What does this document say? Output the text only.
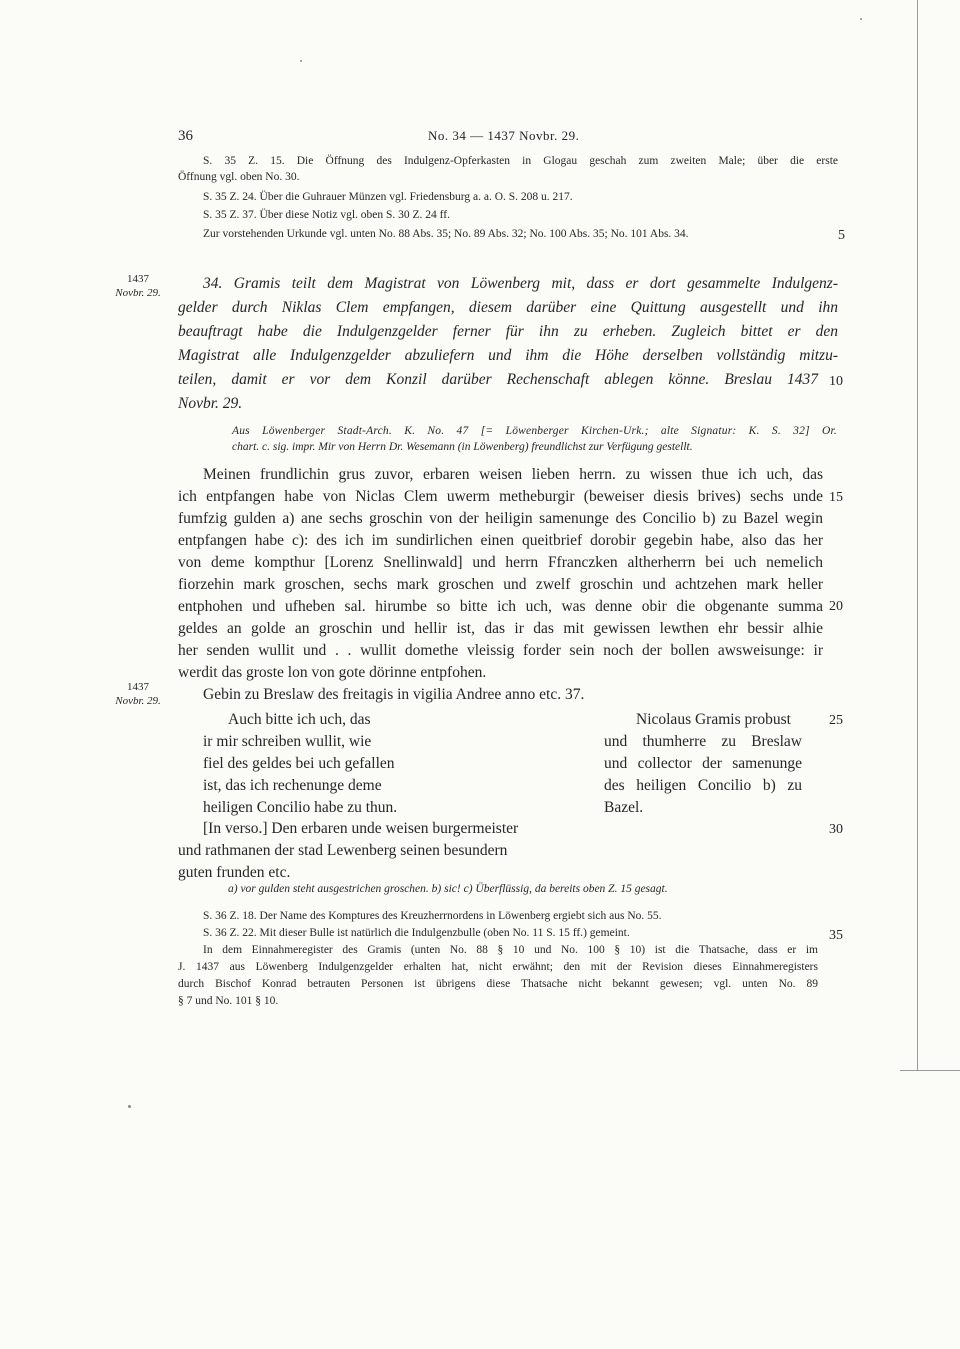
36	No. 34 — 1437 Novbr. 29.
S. 35 Z. 15. Die Öffnung des Indulgenz-Opferkasten in Glogau geschah zum zweiten Male; über die erste
Öffnung vgl. oben No. 30.
S. 35 Z. 24. Über die Guhrauer Münzen vgl. Friedensburg a. a. O. S. 208 u. 217.
S. 35 Z. 37. Über diese Notiz vgl. oben S. 30 Z. 24 ff.
Zur vorstehenden Urkunde vgl. unten No. 88 Abs. 35; No. 89 Abs. 32; No. 100 Abs. 35; No. 101 Abs. 34.	5
1437
Novbr. 29.
34. Gramis teilt dem Magistrat von Löwenberg mit, dass er dort gesammelte Indulgenz-
gelder durch Niklas Clem empfangen, diesem darüber eine Quittung ausgestellt und ihn
beauftragt habe die Indulgenzgelder ferner für ihn zu erheben. Zugleich bittet er den
Magistrat alle Indulgenzgelder abzuliefern und ihm die Höhe derselben vollständig mitzu-
teilen, damit er vor dem Konzil darüber Rechenschaft ablegen könne. Breslau 1437 10
Novbr. 29.
Aus Löwenberger Stadt-Arch. K. No. 47 [= Löwenberger Kirchen-Urk.; alte Signatur: K. S. 32] Or.
chart. c. sig. impr. Mir von Herrn Dr. Wesemann (in Löwenberg) freundlichst zur Verfügung gestellt.
Meinen frundlichin grus zuvor, erbaren weisen lieben herrn. zu wissen thue ich uch, das
ich entpfangen habe von Niclas Clem uwerm metheburgir (beweiser diesis brives) sechs unde 15
fumfzig gulden a) ane sechs groschin von der heiligin samenunge des Concilio b) zu Bazel wegin
entpfangen habe c): des ich im sundirlichen einen queitbrief dorobir gegebin habe, also das her
von deme kompthur [Lorenz Snellinwald] und herrn Ffranczken altherherrn bei uch nemelich
fiorzehin mark groschen, sechs mark groschen und zwelf groschin und achtzehen mark heller
entphohen und ufheben sal. hirumbe so bitte ich uch, was denne obir die obgenante summa 20
geldes an golde an groschin und hellir ist, das ir das mit gewissen lewthen ehr bessir alhie
her senden wullit und . . wullit domethe vleissig forder sein noch der bollen awsweisunge: ir
werdit das groste lon von gote dörinne entpfohen.
1437
Novbr. 29.	Gebin zu Breslaw des freitagis in vigilia Andree anno etc. 37.
Auch bitte ich uch, das
ir mir schreiben wullit, wie
fiel des geldes bei uch gefallen
ist, das ich rechenunge deme
heiligen Concilio habe zu thun.
Nicolaus Gramis probust	25
und thumherre zu Breslaw
und collector der samenunge
des heiligen Concilio b) zu
Bazel.
[In verso.] Den erbaren unde weisen burgermeister	30
und rathmanen der stad Lewenberg seinen besundern
guten frunden etc.
a) vor gulden steht ausgestrichen groschen. b) sic! c) Überflüssig, da bereits oben Z. 15 gesagt.
S. 36 Z. 18. Der Name des Komptures des Kreuzherrnordens in Löwenberg ergiebt sich aus No. 55.
S. 36 Z. 22. Mit dieser Bulle ist natürlich die Indulgenzbulle (oben No. 11 S. 15 ff.) gemeint.	35
In dem Einnahmeregister des Gramis (unten No. 88 § 10 und No. 100 § 10) ist die Thatsache, dass er im
J. 1437 aus Löwenberg Indulgenzgelder erhalten hat, nicht erwähnt; den mit der Revision dieses Einnahmeregisters
durch Bischof Konrad betrauten Personen ist übrigens diese Thatsache nicht bekannt gewesen; vgl. unten No. 89
§ 7 und No. 101 § 10.
